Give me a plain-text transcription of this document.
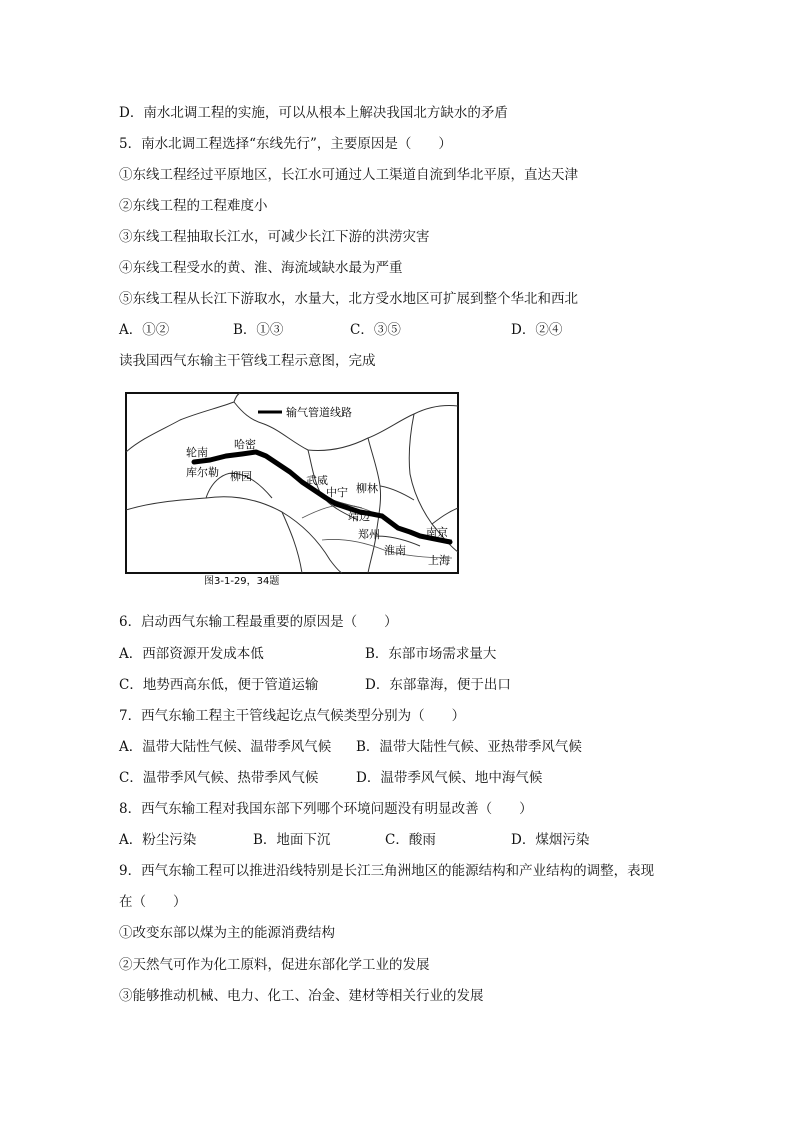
D．南水北调工程的实施，可以从根本上解决我国北方缺水的矛盾
5．南水北调工程选择“东线先行”，主要原因是（　　）
①东线工程经过平原地区，长江水可通过人工渠道自流到华北平原，直达天津
②东线工程的工程难度小
③东线工程抽取长江水，可减少长江下游的洪涝灾害
④东线工程受水的黄、淮、海流域缺水最为严重
⑤东线工程从长江下游取水，水量大，北方受水地区可扩展到整个华北和西北
A．①②	B．①③	C．③⑤	D．②④
读我国西气东输主干管线工程示意图，完成
输气管道线路
轮南
哈密
库尔勒 柳园	武威
中宁 柳林
靖边
郑州
淮南
南京
上海
图3-1-29，34题
6．启动西气东输工程最重要的原因是（　　）
A．西部资源开发成本低	B．东部市场需求量大
C．地势西高东低，便于管道运输	D．东部靠海，便于出口
7．西气东输工程主干管线起讫点气候类型分别为（　　）
A．温带大陆性气候、温带季风气候 B．温带大陆性气候、亚热带季风气候
C．温带季风气候、热带季风气候	D．温带季风气候、地中海气候
8．西气东输工程对我国东部下列哪个环境问题没有明显改善（　　）
A．粉尘污染	B．地面下沉	C．酸雨	D．煤烟污染
9．西气东输工程可以推进沿线特别是长江三角洲地区的能源结构和产业结构的调整，表现
在（　　）
①改变东部以煤为主的能源消费结构
②天然气可作为化工原料，促进东部化学工业的发展
③能够推动机械、电力、化工、冶金、建材等相关行业的发展
